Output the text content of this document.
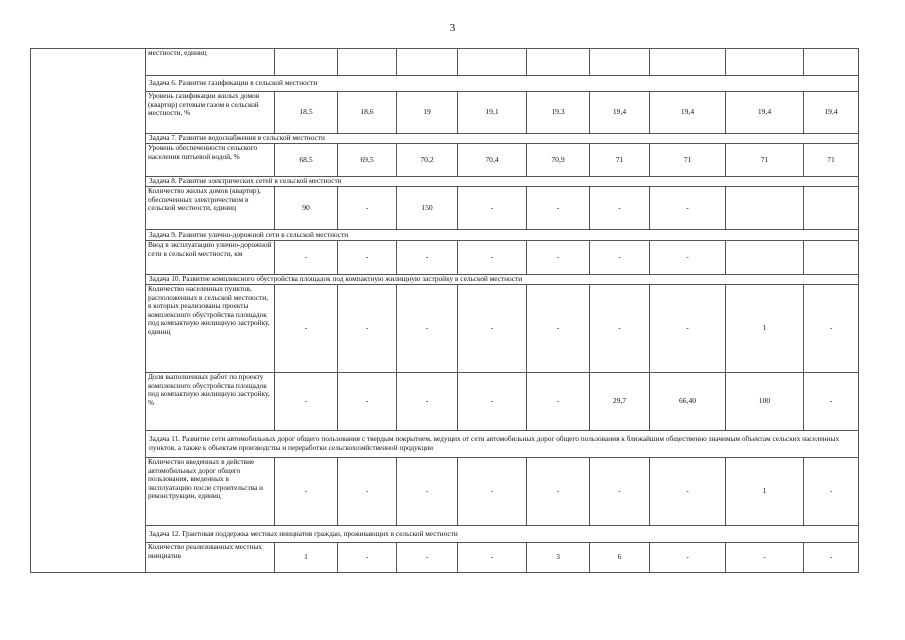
3
	местности, единиц									
	Задача 6. Развитие газификации в сельской местности									
	Уровень газификации жилых домов (квартир) сетевым газом в сельской местности, %	18,5	18,6	19	19,1	19,3	19,4	19,4	19,4	19,4
	Задача 7. Развитие водоснабжения в сельской местности									
	Уровень обеспеченности сельского населения питьевой водой, %	68,5	69,5	70,2	70,4	70,9	71	71	71	71
	Задача 8. Развитие электрических сетей в сельской местности									
	Количество жилых домов (квартир), обеспеченных электричеством в сельской местности, единиц	90	-	150	-	-	-	-		
	Задача 9. Развитие улично-дорожной сети в сельской местности									
	Ввод в эксплуатацию улично-дорожной сети в сельской местности, км	-	-	-	-	-	-	-		
	Задача 10. Развитие комплексного обустройства площадок под компактную жилищную застройку в сельской местности									
	Количество населенных пунктов, расположенных в сельской местности, в которых реализованы проекты комплексного обустройства площадок под компактную жилищную застройку, единиц	-	-	-	-	-	-	-	1	-
	Доля выполненных работ по проекту комплексного обустройства площадок под компактную жилищную застройку, %	-	-	-	-	-	29,7	66,40	100	-
	Задача 11. Развитие сети автомобильных дорог общего пользования с твердым покрытием, ведущих от сети автомобильных дорог общего пользования к ближайшим общественно значимым объектам сельских населенных пунктов, а также к объектам производства и переработки сельскохозяйственной продукции									
	Количество введенных в действие автомобильных дорог общего пользования, введенных в эксплуатацию после строительства и реконструкции, единиц	-	-	-	-	-	-	-	1	-
	Задача 12. Грантовая поддержка местных инициатив граждан, проживающих в сельской местности									
	Количество реализованных местных инициатив	1	-	-	-	3	6	-	-	-
